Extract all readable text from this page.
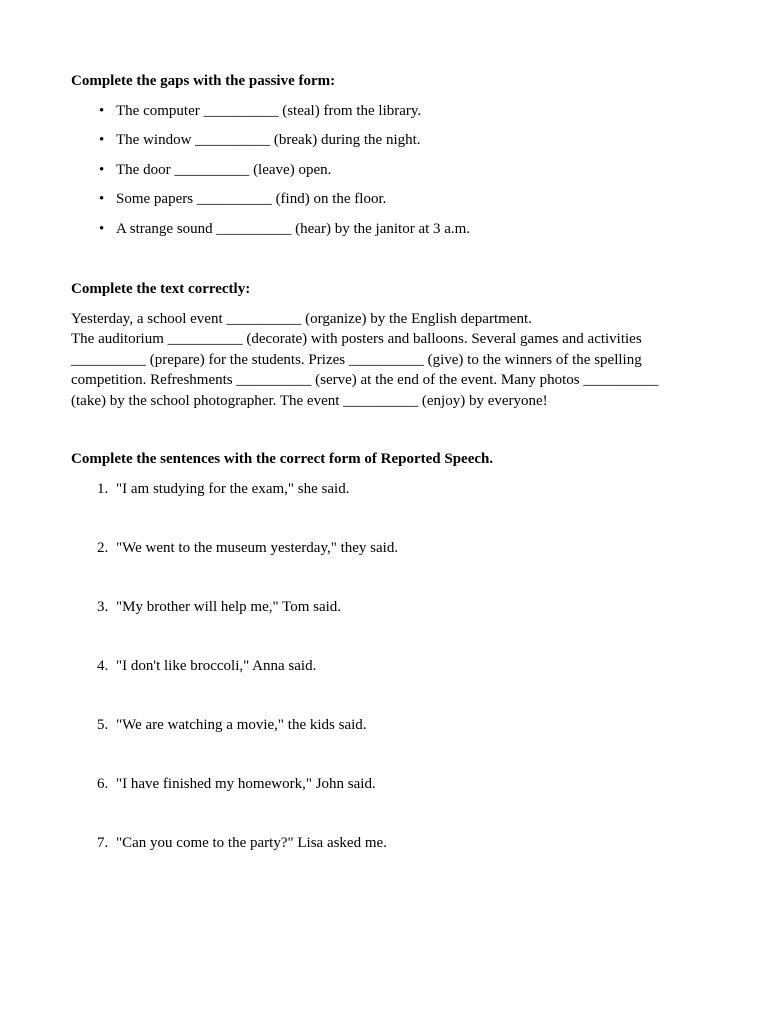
Complete the gaps with the passive form:
• The computer __________ (steal) from the library.
• The window __________ (break) during the night.
• The door __________ (leave) open.
• Some papers __________ (find) on the floor.
• A strange sound __________ (hear) by the janitor at 3 a.m.
Complete the text correctly:

Yesterday, a school event __________ (organize) by the English department.
The auditorium __________ (decorate) with posters and balloons. Several games and activities
__________ (prepare) for the students. Prizes __________ (give) to the winners of the spelling
competition. Refreshments __________ (serve) at the end of the event. Many photos __________
(take) by the school photographer. The event __________ (enjoy) by everyone!

Complete the sentences with the correct form of Reported Speech.
1. "I am studying for the exam," she said.
2. "We went to the museum yesterday," they said.
3. "My brother will help me," Tom said.
4. "I don't like broccoli," Anna said.
5. "We are watching a movie," the kids said.
6. "I have finished my homework," John said.
7. "Can you come to the party?" Lisa asked me.
